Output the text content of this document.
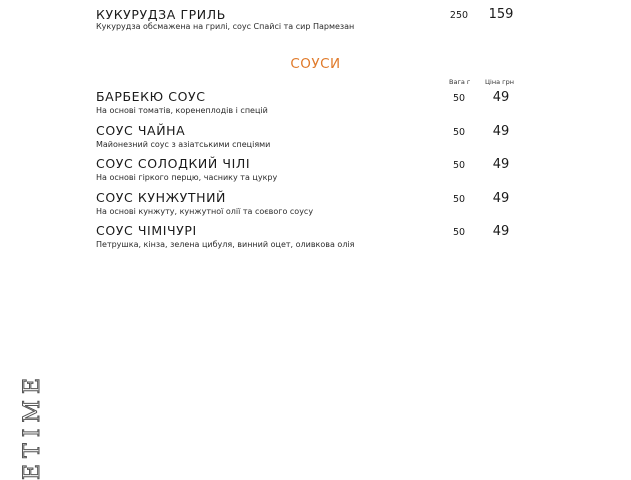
КУКУРУДЗА ГРИЛЬ
Кукурудза обсмажена на грилі, соус Спайсі та сир Пармезан
250	159
СОУСИ
Вага г Ціна грн
БАРБЕКЮ СОУС
На основі томатів, коренеплодів і спецій
50	49
СОУС ЧАЙНА
Майонезний соус з азіатськими спеціями
50	49
СОУС СОЛОДКИЙ ЧІЛІ
На основі гіркого перцю, часнику та цукру
50	49
СОУС КУНЖУТНИЙ
На основі кунжуту, кунжутної олії та соєвого соусу
50	49
СОУС ЧІМІЧУРІ
Петрушка, кінза, зелена цибуля, винний оцет, оливкова олія
50	49
ETIME
